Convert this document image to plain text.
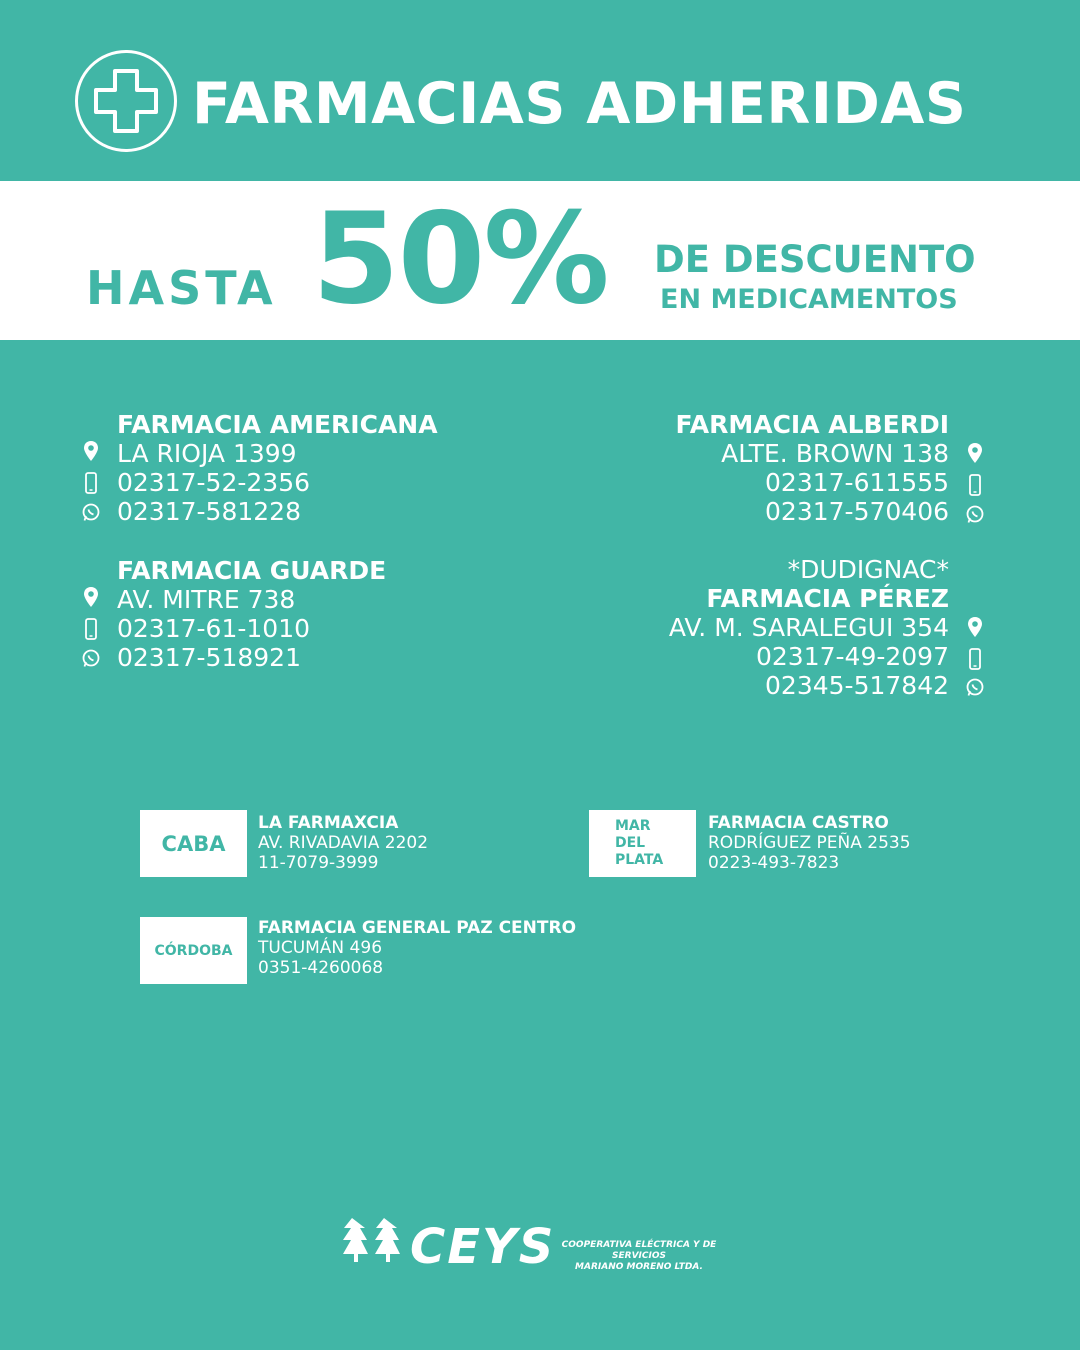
FARMACIAS ADHERIDAS
HASTA 50% DE DESCUENTO
EN MEDICAMENTOS
FARMACIA AMERICANA
LA RIOJA 1399
02317-52-2356
02317-581228
FARMACIA GUARDE
AV. MITRE 738
02317-61-1010
02317-518921
FARMACIA ALBERDI
ALTE. BROWN 138
02317-611555
02317-570406
*DUDIGNAC*
FARMACIA PÉREZ
AV. M. SARALEGUI 354
02317-49-2097
02345-517842
CABA
LA FARMAXCIA
AV. RIVADAVIA 2202
11-7079-3999
MAR
DEL
PLATA
FARMACIA CASTRO
RODRÍGUEZ PEÑA 2535
0223-493-7823
CÓRDOBA
FARMACIA GENERAL PAZ CENTRO
TUCUMÁN 496
0351-4260068
CEYS COOPERATIVA ELÉCTRICA Y DE SERVICIOS
MARIANO MORENO LTDA.
